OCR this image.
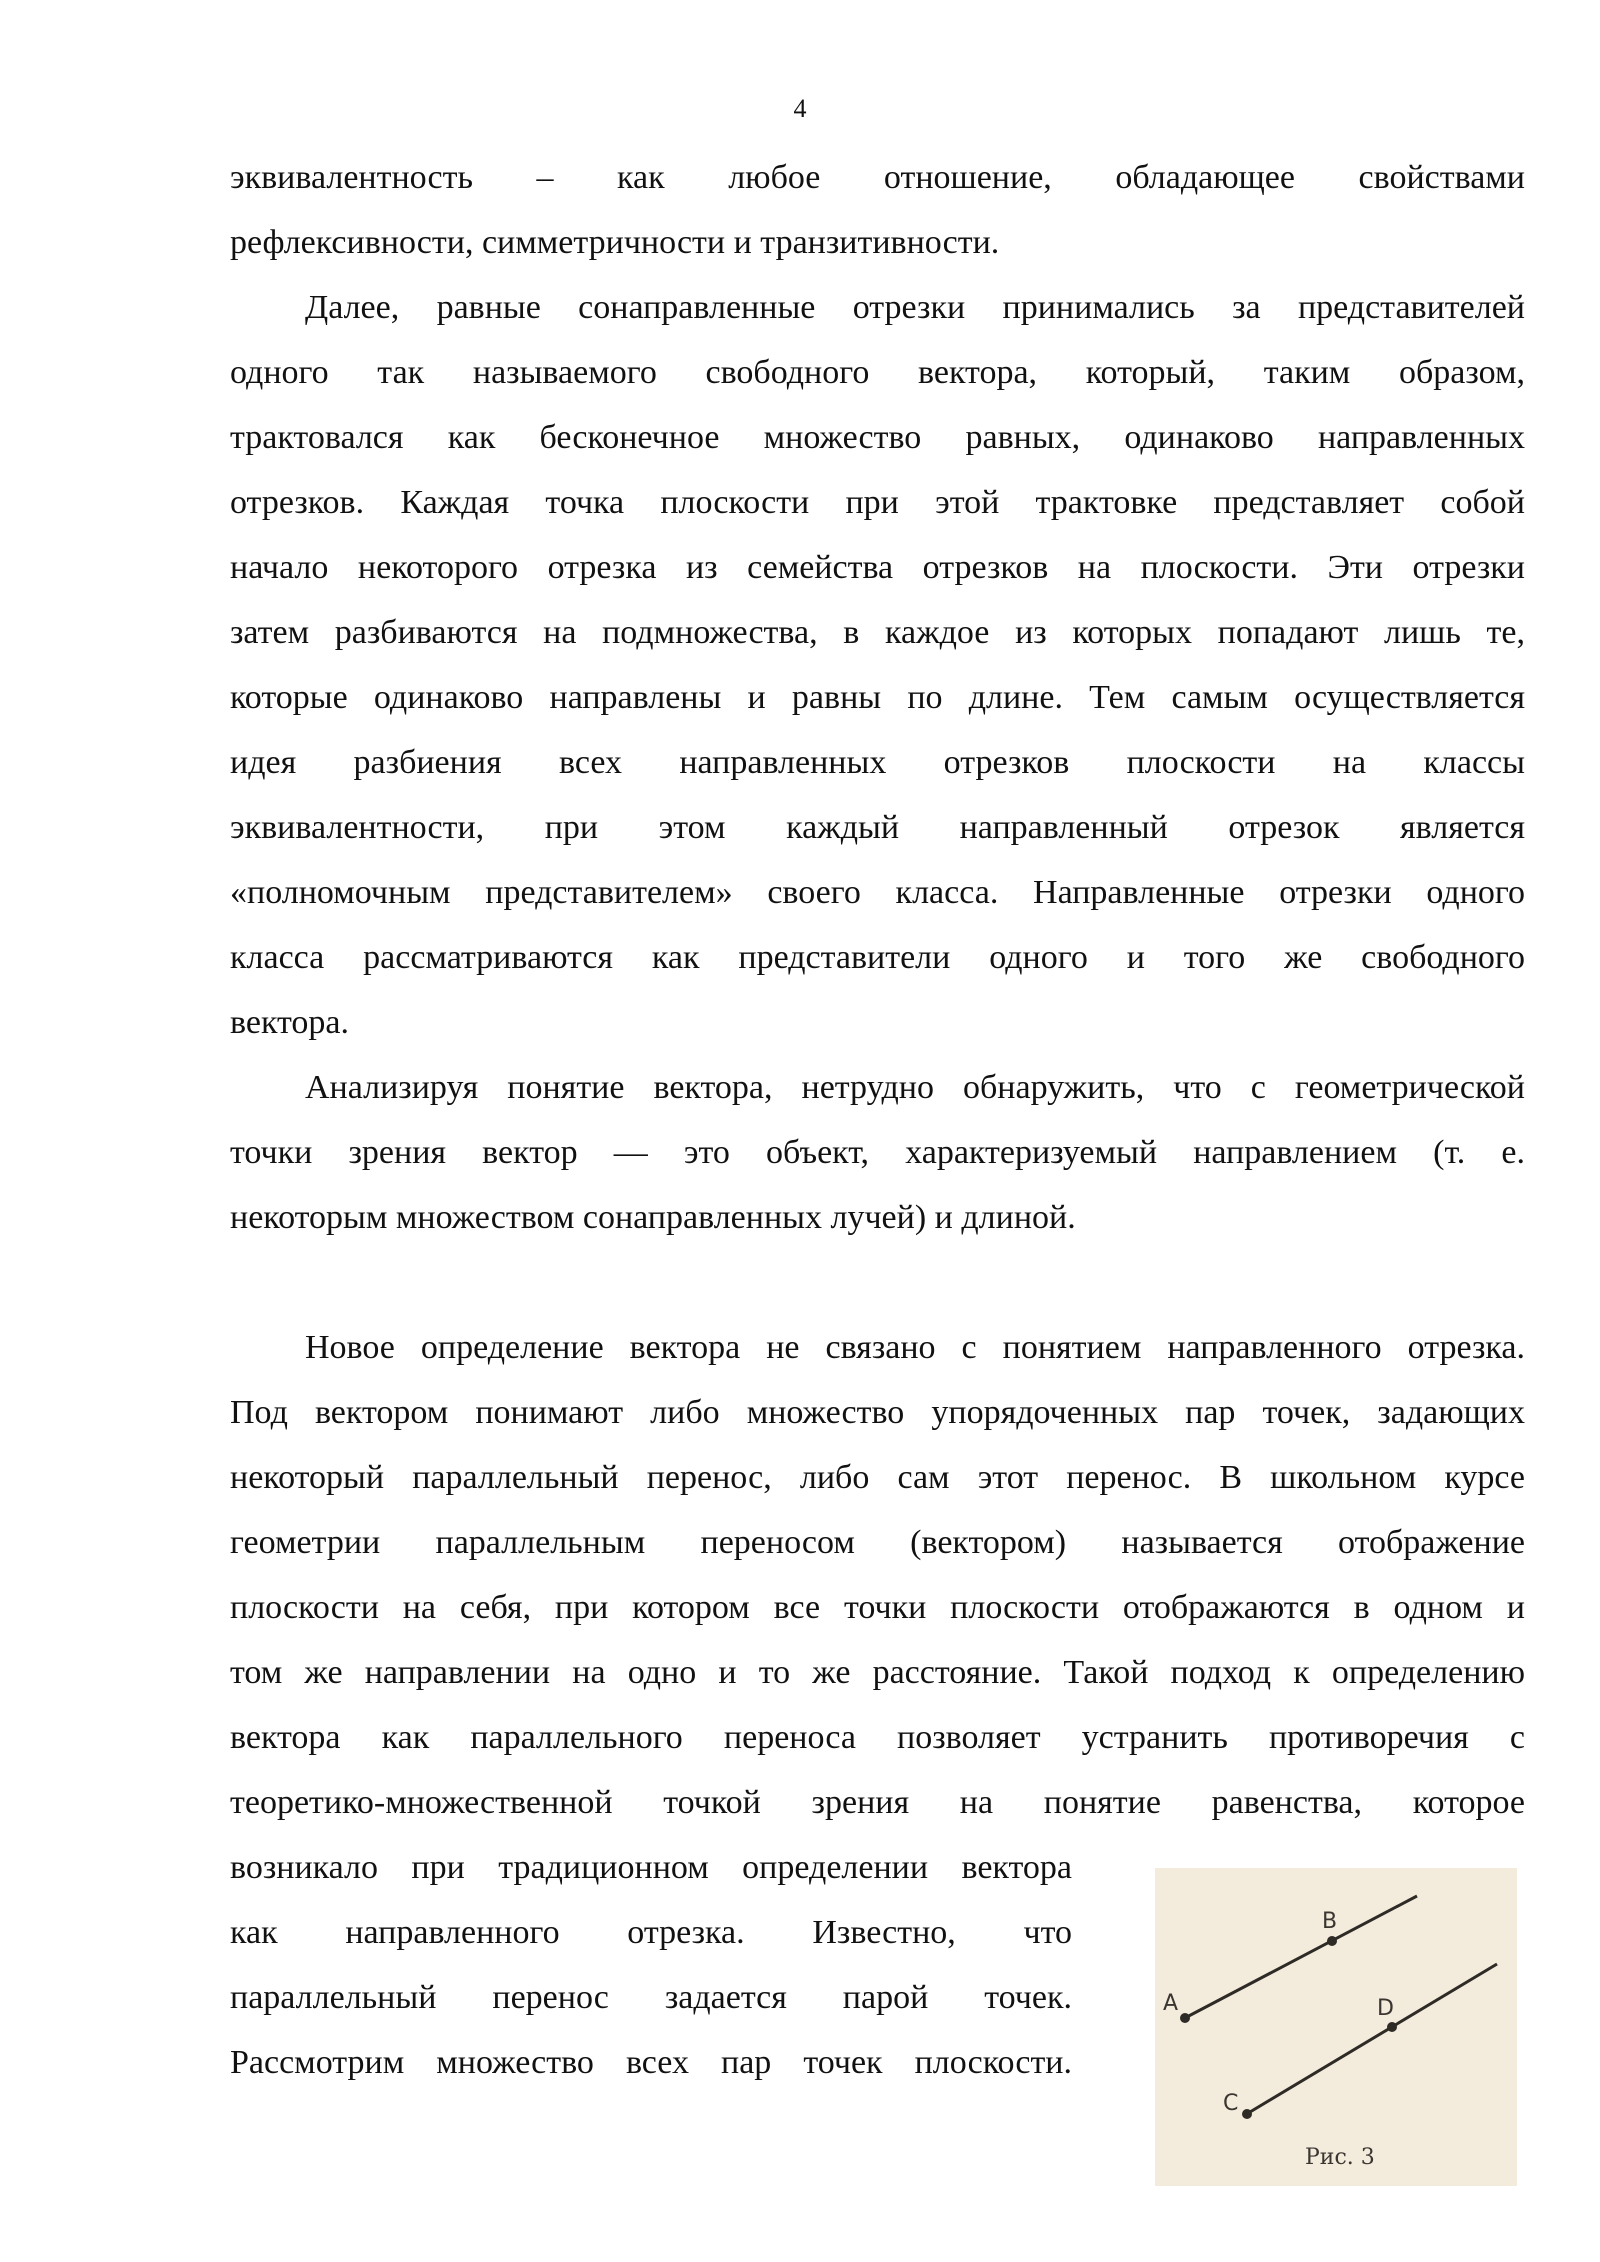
4
эквивалентность – как любое отношение, обладающее свойствами
рефлексивности, симметричности и транзитивности.
Далее, равные сонаправленные отрезки принимались за представителей
одного так называемого свободного вектора, который, таким образом,
трактовался как бесконечное множество равных, одинаково направленных
отрезков. Каждая точка плоскости при этой трактовке представляет собой
начало некоторого отрезка из семейства отрезков на плоскости. Эти отрезки
затем разбиваются на подмножества, в каждое из которых попадают лишь те,
которые одинаково направлены и равны по длине. Тем самым осуществляется
идея разбиения всех направленных отрезков плоскости на классы
эквивалентности, при этом каждый направленный отрезок является
«полномочным представителем» своего класса. Направленные отрезки одного
класса рассматриваются как представители одного и того же свободного
вектора.
Анализируя понятие вектора, нетрудно обнаружить, что с геометрической
точки зрения вектор — это объект, характеризуемый направлением (т. е.
некоторым множеством сонаправленных лучей) и длиной.
Новое определение вектора не связано с понятием направленного отрезка.
Под вектором понимают либо множество упорядоченных пар точек, задающих
некоторый параллельный перенос, либо сам этот перенос. В школьном курсе
геометрии параллельным переносом (вектором) называется отображение
плоскости на себя, при котором все точки плоскости отображаются в одном и
том же направлении на одно и то же расстояние. Такой подход к определению
вектора как параллельного переноса позволяет устранить противоречия с
теоретико-множественной точкой зрения на понятие равенства, которое
возникало при традиционном определении вектора
как направленного отрезка. Известно, что
параллельный перенос задается парой точек.
Рассмотрим множество всех пар точек плоскости.
A
B
C
D
Рис. 3
